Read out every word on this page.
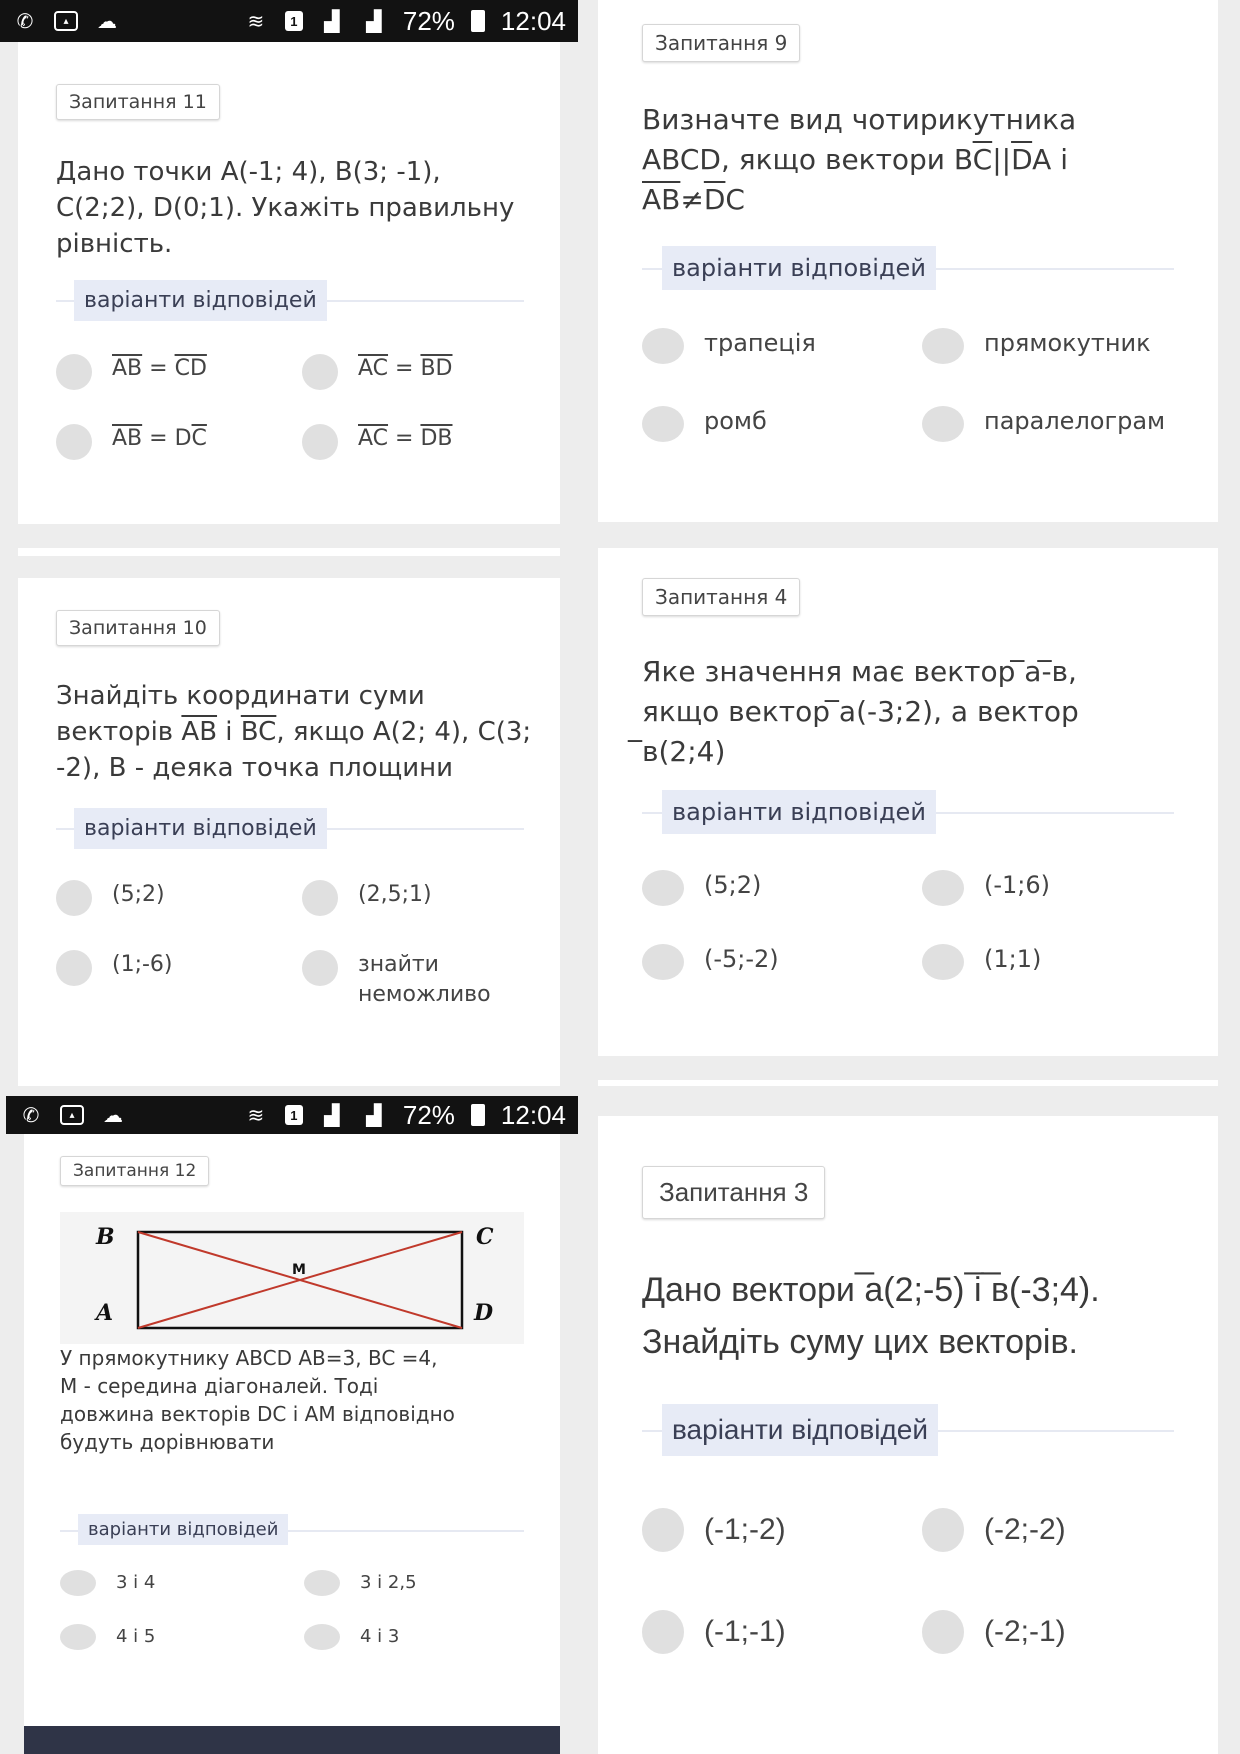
✆	▴	☁	≋	1 ▟ ▟ 72% 12:04
✆	▴	☁	≋	1 ▟ ▟ 72% 12:04
Запитання 11
Дано точки A(-1; 4), B(3; -1), C(2;2), D(0;1). Укажіть правильну рівність.
варіанти відповідей
$\overline{AB} = \overline{CD}$	$\overline{AC} = \overline{BD}$
$\overline{AB} = D\overline{C}$	$\overline{AC} = \overline{DB}$
Запитання 10
Знайдіть координати суми
векторів $\overline{AB}$ і $\overline{BC}$, якщо A(2; 4), C(3;
-2), B - деяка точка площини
варіанти відповідей
(5;2)	(2,5;1)
(1;-6)	знайти неможливо
Запитання 12
B	C
A	D
M
У прямокутнику ABCD AB=3, BC =4, M - середина діагоналей. Тоді довжина векторів DC і AM відповідно будуть дорівнювати
варіанти відповідей
3 і 4	3 і 2,5
4 і 5	4 і 3
Запитання 9
Визначте вид чотирикутника
ABCD, якщо вектори $B\overline{C}||\overline{D}A$ і
$\overline{AB}\ne\overline{D}C$
варіанти відповідей
трапеція	прямокутник
ромб	паралелограм
Запитання 4
Яке значення має вектор ̅а-̅в,
якщо вектор ̅а(-3;2), а вектор
̅в(2;4)
варіанти відповідей
(5;2)	(-1;6)
(-5;-2)	(1;1)
Запитання 3
Дано вектори ̅а(2;-5) ̅і ̅в(-3;4).
Знайдіть суму цих векторів.
варіанти відповідей
(-1;-2)	(-2;-2)
(-1;-1)	(-2;-1)
